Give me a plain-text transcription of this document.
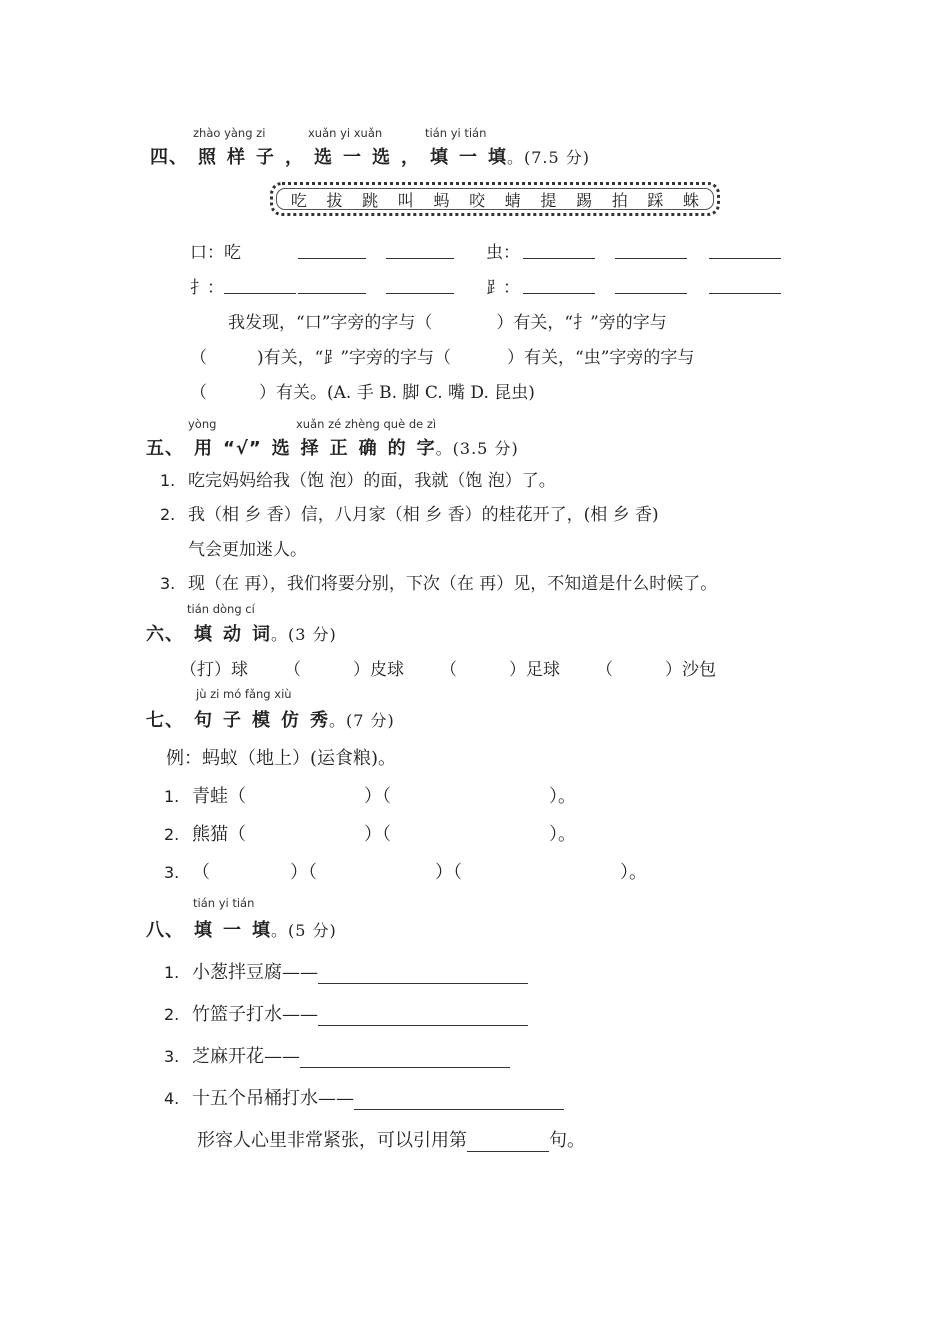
zhào yàng zi	xuǎn yi xuǎn	tián yi tián
四、 照 样 子 ， 选 一 选 ， 填 一 填。(7.5 分)
吃 拔 跳 叫 蚂 咬 蜻 提 踢 拍 踩 蛛
口：吃	虫：
扌：	⻊：
我发现，“口”字旁的字与（	）有关，“扌”旁的字与
（	)有关，“⻊”字旁的字与（	）有关，“虫”字旁的字与
（	）有关。(A. 手 B. 脚 C. 嘴 D. 昆虫)
yòng	xuǎn zé zhèng què de zì
五、 用 “√” 选 择 正 确 的 字。(3.5 分)
1. 吃完妈妈给我（饱 泡）的面，我就（饱 泡）了。
2. 我（相 乡 香）信，八月家（相 乡 香）的桂花开了，(相 乡 香)
气会更加迷人。
3. 现（在 再），我们将要分别，下次（在 再）见，不知道是什么时候了。
tián dòng cí
六、 填 动 词。(3 分)
（打）球 （	）皮球 （	）足球 （	）沙包
jù zi mó fǎng xiù
七、 句 子 模 仿 秀。(7 分)
例：蚂蚁（地上）(运食粮)。
1. 青蛙（	）（	）。
2. 熊猫（	）（	）。
3. （	）（	）（	）。
tián yi tián
八、 填 一 填。(5 分)
1. 小葱拌豆腐——
2. 竹篮子打水——
3. 芝麻开花——
4. 十五个吊桶打水——
形容人心里非常紧张，可以引用第	句。
